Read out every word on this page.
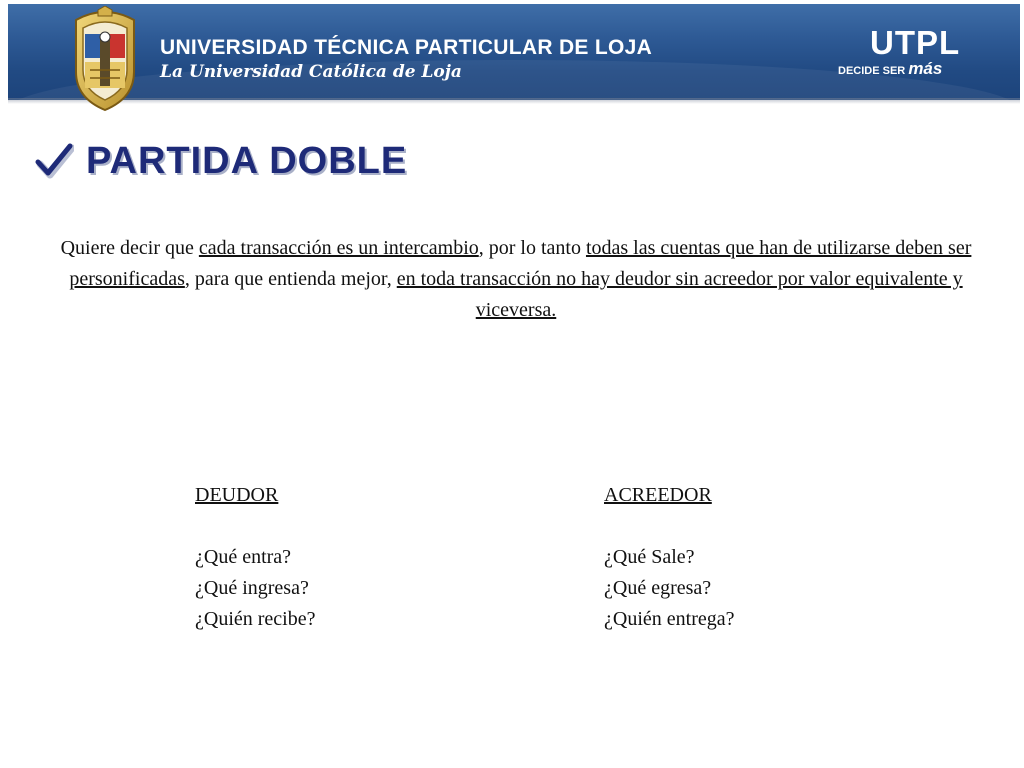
UNIVERSIDAD TÉCNICA PARTICULAR DE LOJA
La Universidad Católica de Loja
UTPL
DECIDE SER más
PARTIDA DOBLE
Quiere decir que cada transacción es un intercambio, por lo tanto todas las cuentas que han de utilizarse deben ser personificadas, para que entienda mejor, en toda transacción no hay deudor sin acreedor por valor equivalente y viceversa.
DEUDOR
¿Qué entra?
¿Qué ingresa?
¿Quién recibe?
ACREEDOR
¿Qué Sale?
¿Qué egresa?
¿Quién entrega?
